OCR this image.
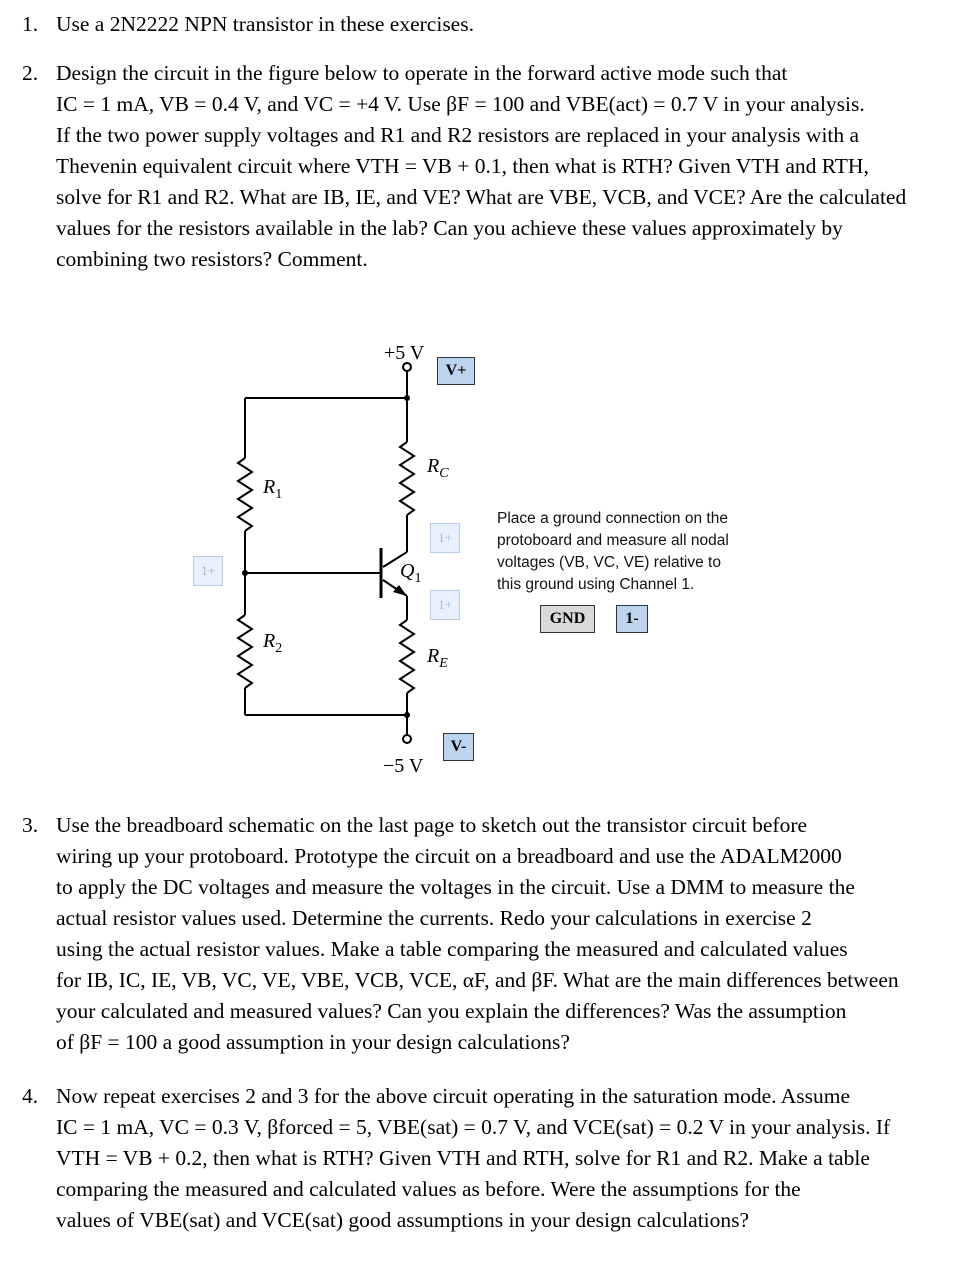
1. Use a 2N2222 NPN transistor in these exercises.
2. Design the circuit in the figure below to operate in the forward active mode such that
IC = 1 mA, VB = 0.4 V, and VC = +4 V. Use βF = 100 and VBE(act) = 0.7 V in your analysis.
If the two power supply voltages and R1 and R2 resistors are replaced in your analysis with a
Thevenin equivalent circuit where VTH = VB + 0.1, then what is RTH? Given VTH and RTH,
solve for R1 and R2. What are IB, IE, and VE? What are VBE, VCB, and VCE? Are the calculated
values for the resistors available in the lab? Can you achieve these values approximately by
combining two resistors? Comment.
+5 V
−5 V
$R_1$
$R_2$
$R_C$
$R_E$
$Q_1$
V+
V-
GND	1-
1+
1+
1+
Place a ground connection on the
protoboard and measure all nodal
voltages (VB, VC, VE) relative to
this ground using Channel 1.
3. Use the breadboard schematic on the last page to sketch out the transistor circuit before
wiring up your protoboard. Prototype the circuit on a breadboard and use the ADALM2000
to apply the DC voltages and measure the voltages in the circuit. Use a DMM to measure the
actual resistor values used. Determine the currents. Redo your calculations in exercise 2
using the actual resistor values. Make a table comparing the measured and calculated values
for IB, IC, IE, VB, VC, VE, VBE, VCB, VCE, αF, and βF. What are the main differences between
your calculated and measured values? Can you explain the differences? Was the assumption
of βF = 100 a good assumption in your design calculations?
4. Now repeat exercises 2 and 3 for the above circuit operating in the saturation mode. Assume
IC = 1 mA, VC = 0.3 V, βforced = 5, VBE(sat) = 0.7 V, and VCE(sat) = 0.2 V in your analysis. If
VTH = VB + 0.2, then what is RTH? Given VTH and RTH, solve for R1 and R2. Make a table
comparing the measured and calculated values as before. Were the assumptions for the
values of VBE(sat) and VCE(sat) good assumptions in your design calculations?
